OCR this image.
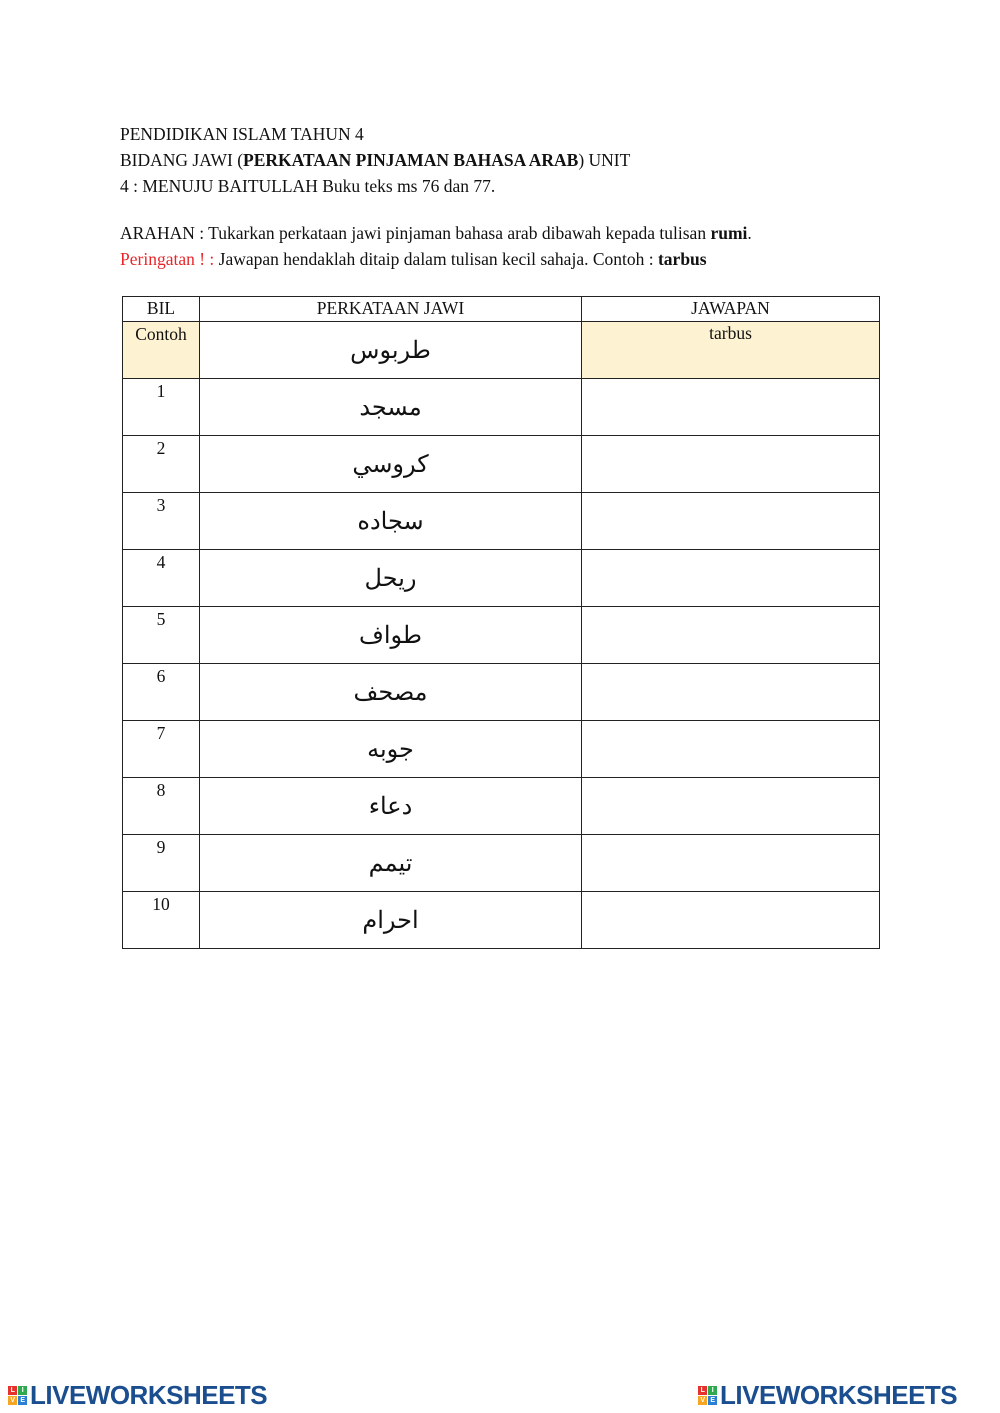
PENDIDIKAN ISLAM TAHUN 4
BIDANG JAWI (PERKATAAN PINJAMAN BAHASA ARAB) UNIT
4 : MENUJU BAITULLAH Buku teks ms 76 dan 77.
ARAHAN : Tukarkan perkataan jawi pinjaman bahasa arab dibawah kepada tulisan rumi.
Peringatan ! : Jawapan hendaklah ditaip dalam tulisan kecil sahaja. Contoh : tarbus
BIL	PERKATAAN JAWI	JAWAPAN
Contoh	طربوس	tarbus
1	مسجد	

2	كروسي	

3	سجاده	

4	ريحل	

5	طواف	

6	مصحف	

7	جوبه	

8	دعاء	

9	تيمم	

10	احرام	
L	I
V E LIVEWORKSHEETS	L	I
V E LIVEWORKSHEETS
